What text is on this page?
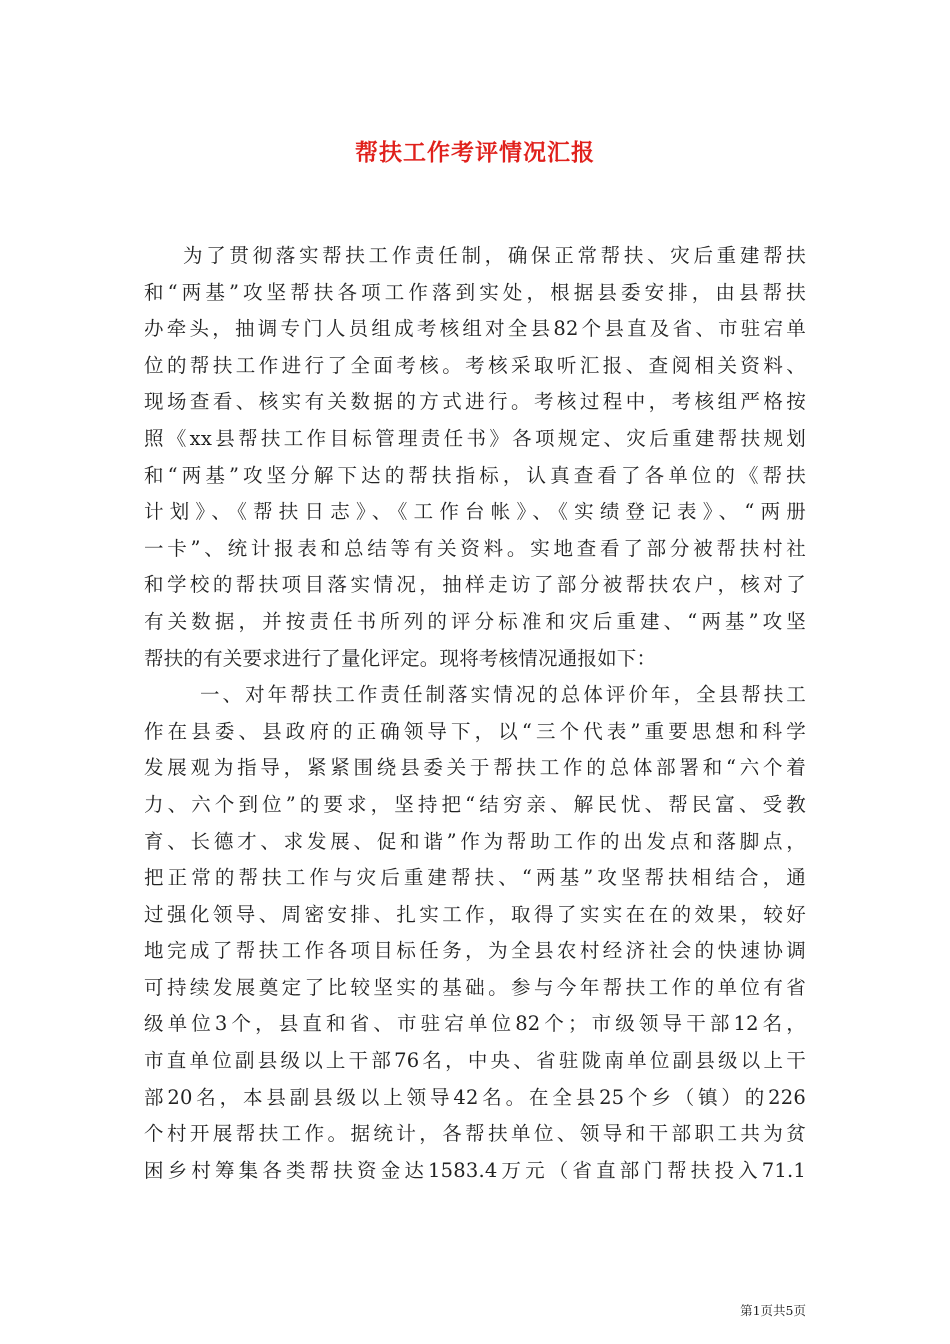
帮扶工作考评情况汇报
为了贯彻落实帮扶工作责任制，确保正常帮扶、灾后重建帮扶
和“两基”攻坚帮扶各项工作落到实处，根据县委安排，由县帮扶
办牵头，抽调专门人员组成考核组对全县82个县直及省、市驻宕单
位的帮扶工作进行了全面考核。考核采取听汇报、查阅相关资料、
现场查看、核实有关数据的方式进行。考核过程中，考核组严格按
照《xx县帮扶工作目标管理责任书》各项规定、灾后重建帮扶规划
和“两基”攻坚分解下达的帮扶指标，认真查看了各单位的《帮扶
计划》、《帮扶日志》、《工作台帐》、《实绩登记表》、“两册
一卡”、统计报表和总结等有关资料。实地查看了部分被帮扶村社
和学校的帮扶项目落实情况，抽样走访了部分被帮扶农户，核对了
有关数据，并按责任书所列的评分标准和灾后重建、“两基”攻坚
帮扶的有关要求进行了量化评定。现将考核情况通报如下：
一、对年帮扶工作责任制落实情况的总体评价年，全县帮扶工
作在县委、县政府的正确领导下，以“三个代表”重要思想和科学
发展观为指导，紧紧围绕县委关于帮扶工作的总体部署和“六个着
力、六个到位”的要求，坚持把“结穷亲、解民忧、帮民富、受教
育、长德才、求发展、促和谐”作为帮助工作的出发点和落脚点，
把正常的帮扶工作与灾后重建帮扶、“两基”攻坚帮扶相结合，通
过强化领导、周密安排、扎实工作，取得了实实在在的效果，较好
地完成了帮扶工作各项目标任务，为全县农村经济社会的快速协调
可持续发展奠定了比较坚实的基础。参与今年帮扶工作的单位有省
级单位3个，县直和省、市驻宕单位82个；市级领导干部12名，
市直单位副县级以上干部76名，中央、省驻陇南单位副县级以上干
部20名，本县副县级以上领导42名。在全县25个乡（镇）的226
个村开展帮扶工作。据统计，各帮扶单位、领导和干部职工共为贫
困乡村筹集各类帮扶资金达1583.4万元（省直部门帮扶投入71.1
第1页共5页
